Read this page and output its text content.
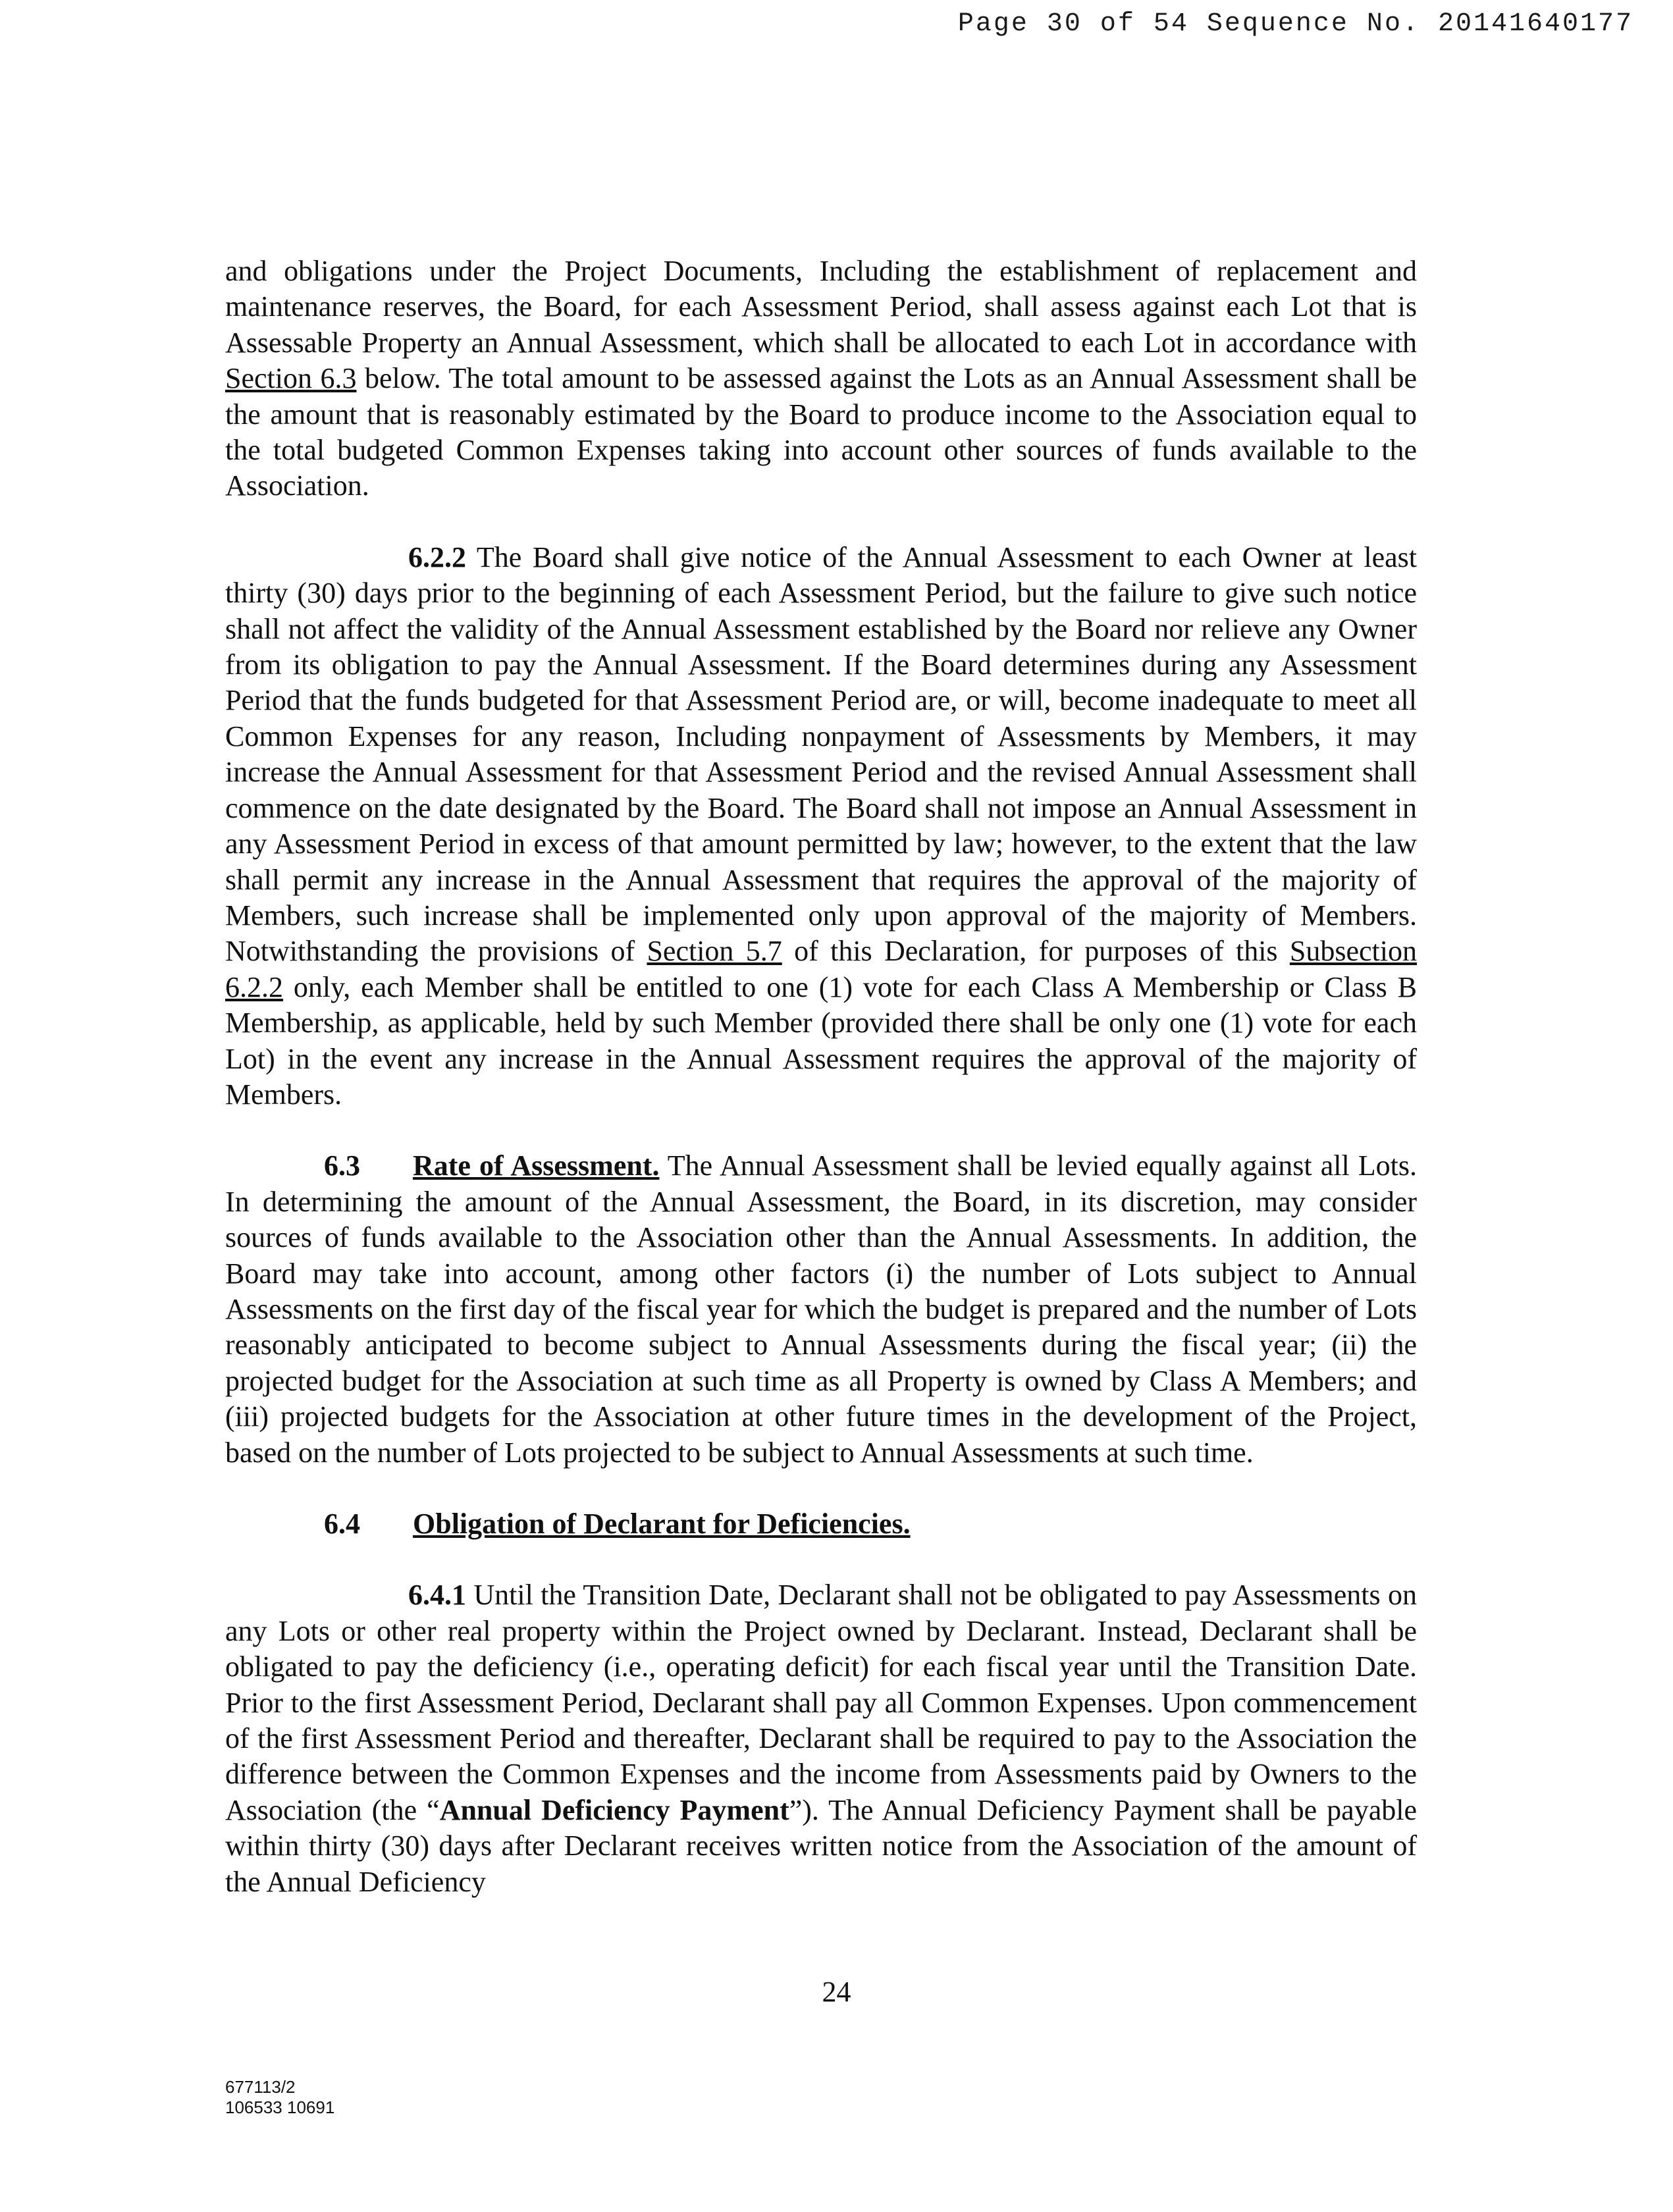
Page 30 of 54 Sequence No. 20141640177

and obligations under the Project Documents, Including the establishment of replacement and maintenance reserves, the Board, for each Assessment Period, shall assess against each Lot that is Assessable Property an Annual Assessment, which shall be allocated to each Lot in accordance with Section 6.3 below. The total amount to be assessed against the Lots as an Annual Assessment shall be the amount that is reasonably estimated by the Board to produce income to the Association equal to the total budgeted Common Expenses taking into account other sources of funds available to the Association.

6.2.2 The Board shall give notice of the Annual Assessment to each Owner at least thirty (30) days prior to the beginning of each Assessment Period, but the failure to give such notice shall not affect the validity of the Annual Assessment established by the Board nor relieve any Owner from its obligation to pay the Annual Assessment. If the Board determines during any Assessment Period that the funds budgeted for that Assessment Period are, or will, become inadequate to meet all Common Expenses for any reason, Including nonpayment of Assessments by Members, it may increase the Annual Assessment for that Assessment Period and the revised Annual Assessment shall commence on the date designated by the Board. The Board shall not impose an Annual Assessment in any Assessment Period in excess of that amount permitted by law; however, to the extent that the law shall permit any increase in the Annual Assessment that requires the approval of the majority of Members, such increase shall be implemented only upon approval of the majority of Members. Notwithstanding the provisions of Section 5.7 of this Declaration, for purposes of this Subsection 6.2.2 only, each Member shall be entitled to one (1) vote for each Class A Membership or Class B Membership, as applicable, held by such Member (provided there shall be only one (1) vote for each Lot) in the event any increase in the Annual Assessment requires the approval of the majority of Members.

6.3 Rate of Assessment. The Annual Assessment shall be levied equally against all Lots. In determining the amount of the Annual Assessment, the Board, in its discretion, may consider sources of funds available to the Association other than the Annual Assessments. In addition, the Board may take into account, among other factors (i) the number of Lots subject to Annual Assessments on the first day of the fiscal year for which the budget is prepared and the number of Lots reasonably anticipated to become subject to Annual Assessments during the fiscal year; (ii) the projected budget for the Association at such time as all Property is owned by Class A Members; and (iii) projected budgets for the Association at other future times in the development of the Project, based on the number of Lots projected to be subject to Annual Assessments at such time.

6.4 Obligation of Declarant for Deficiencies.

6.4.1 Until the Transition Date, Declarant shall not be obligated to pay Assessments on any Lots or other real property within the Project owned by Declarant. Instead, Declarant shall be obligated to pay the deficiency (i.e., operating deficit) for each fiscal year until the Transition Date. Prior to the first Assessment Period, Declarant shall pay all Common Expenses. Upon commencement of the first Assessment Period and thereafter, Declarant shall be required to pay to the Association the difference between the Common Expenses and the income from Assessments paid by Owners to the Association (the “Annual Deficiency Payment”). The Annual Deficiency Payment shall be payable within thirty (30) days after Declarant receives written notice from the Association of the amount of the Annual Deficiency

24
677113/2
106533 10691
